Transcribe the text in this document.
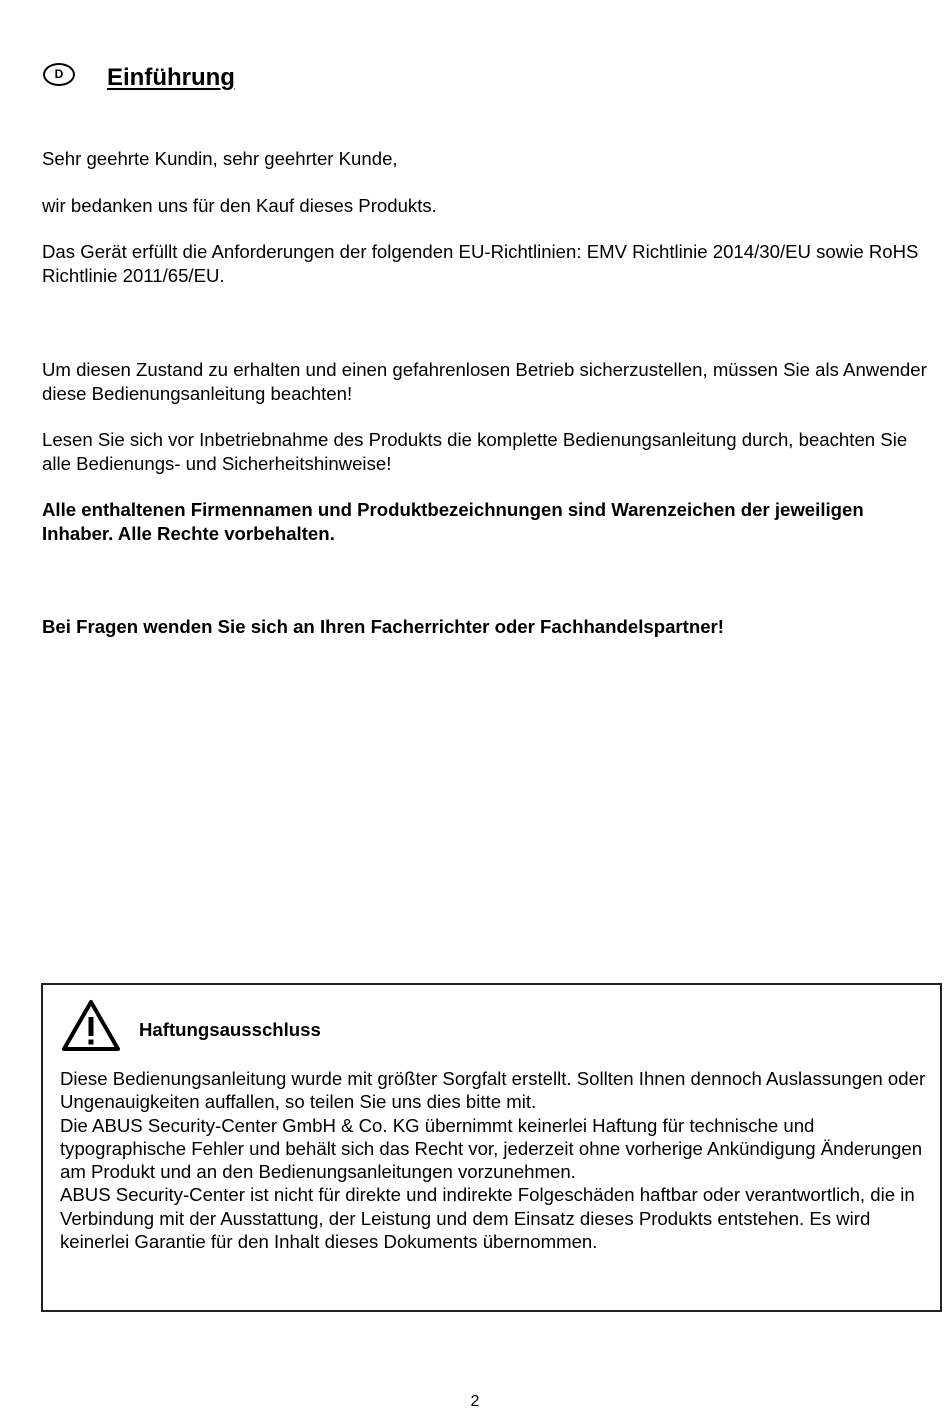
D	Einführung

Sehr geehrte Kundin, sehr geehrter Kunde,

wir bedanken uns für den Kauf dieses Produkts.

Das Gerät erfüllt die Anforderungen der folgenden EU-Richtlinien: EMV Richtlinie 2014/30/EU sowie RoHS Richtlinie 2011/65/EU.

Um diesen Zustand zu erhalten und einen gefahrenlosen Betrieb sicherzustellen, müssen Sie als Anwender diese Bedienungsanleitung beachten!

Lesen Sie sich vor Inbetriebnahme des Produkts die komplette Bedienungsanleitung durch, beachten Sie alle Bedienungs- und Sicherheitshinweise!

Alle enthaltenen Firmennamen und Produktbezeichnungen sind Warenzeichen der jeweiligen Inhaber. Alle Rechte vorbehalten.

Bei Fragen wenden Sie sich an Ihren Facherrichter oder Fachhandelspartner!

Haftungsausschluss

Diese Bedienungsanleitung wurde mit größter Sorgfalt erstellt. Sollten Ihnen dennoch Auslassungen oder Ungenauigkeiten auffallen, so teilen Sie uns dies bitte mit.
Die ABUS Security-Center GmbH & Co. KG übernimmt keinerlei Haftung für technische und typographische Fehler und behält sich das Recht vor, jederzeit ohne vorherige Ankündigung Änderungen am Produkt und an den Bedienungsanleitungen vorzunehmen.
ABUS Security-Center ist nicht für direkte und indirekte Folgeschäden haftbar oder verantwortlich, die in Verbindung mit der Ausstattung, der Leistung und dem Einsatz dieses Produkts entstehen. Es wird keinerlei Garantie für den Inhalt dieses Dokuments übernommen.

2
